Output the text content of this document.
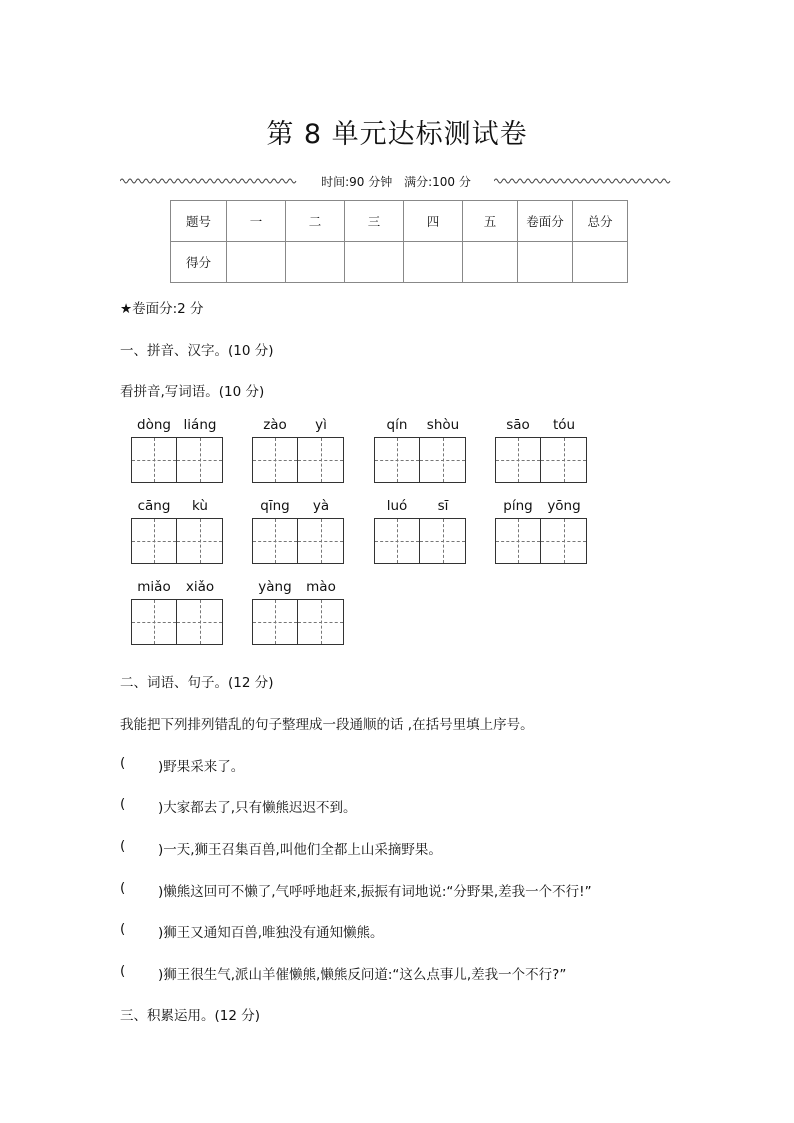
第 8 单元达标测试卷
时间:90 分钟 满分:100 分
题号	一	二	三	四	五	卷面分	总分
得分							
★卷面分:2 分
一、拼音、汉字。(10 分)
看拼音,写词语。(10 分)
dòng liáng	zào	yì	qín	shòu	sāo	tóu
cāng	kù	qīng	yà	luó	sī	píng	yōng
miǎo	xiǎo	yàng	mào
二、词语、句子。(12 分)
我能把下列排列错乱的句子整理成一段通顺的话 ,在括号里填上序号。
(	)野果采来了。
(	)大家都去了,只有懒熊迟迟不到。
(	)一天,狮王召集百兽,叫他们全都上山采摘野果。
(	)懒熊这回可不懒了,气呼呼地赶来,振振有词地说:“分野果,差我一个不行!”
(	)狮王又通知百兽,唯独没有通知懒熊。
(	)狮王很生气,派山羊催懒熊,懒熊反问道:“这么点事儿,差我一个不行?”
三、积累运用。(12 分)
